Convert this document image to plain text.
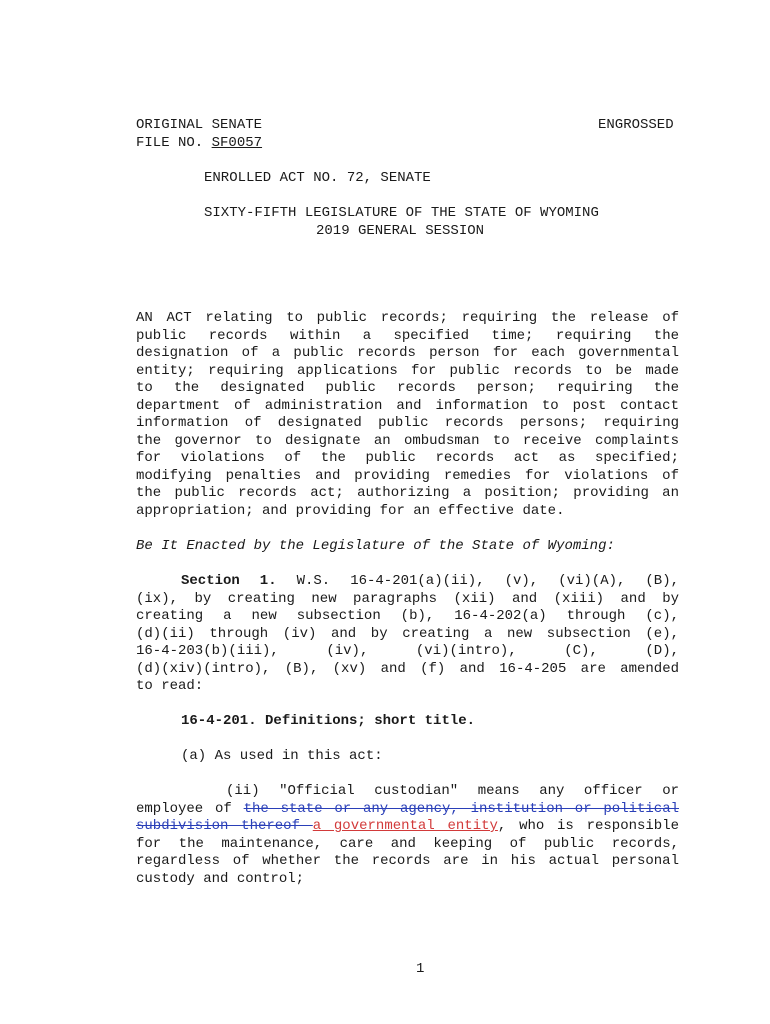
ORIGINAL SENATE	ENGROSSED
FILE NO. SF0057
ENROLLED ACT NO. 72, SENATE
SIXTY-FIFTH LEGISLATURE OF THE STATE OF WYOMING
2019 GENERAL SESSION
AN ACT relating to public records; requiring the release of
public records within a specified time; requiring the
designation of a public records person for each governmental
entity; requiring applications for public records to be made
to the designated public records person; requiring the
department of administration and information to post contact
information of designated public records persons; requiring
the governor to designate an ombudsman to receive complaints
for violations of the public records act as specified;
modifying penalties and providing remedies for violations of
the public records act; authorizing a position; providing an
appropriation; and providing for an effective date.
Be It Enacted by the Legislature of the State of Wyoming:
Section 1. W.S. 16-4-201(a)(ii), (v), (vi)(A), (B),
(ix), by creating new paragraphs (xii) and (xiii) and by
creating a new subsection (b), 16-4-202(a) through (c),
(d)(ii) through (iv) and by creating a new subsection (e),
16-4-203(b)(iii), (iv), (vi)(intro), (C), (D),
(d)(xiv)(intro), (B), (xv) and (f) and 16-4-205 are amended
to read:
16-4-201. Definitions; short title.
(a) As used in this act:
(ii) "Official custodian" means any officer or
employee of the state or any agency, institution or political
subdivision thereof a governmental entity, who is responsible
for the maintenance, care and keeping of public records,
regardless of whether the records are in his actual personal
custody and control;
1
